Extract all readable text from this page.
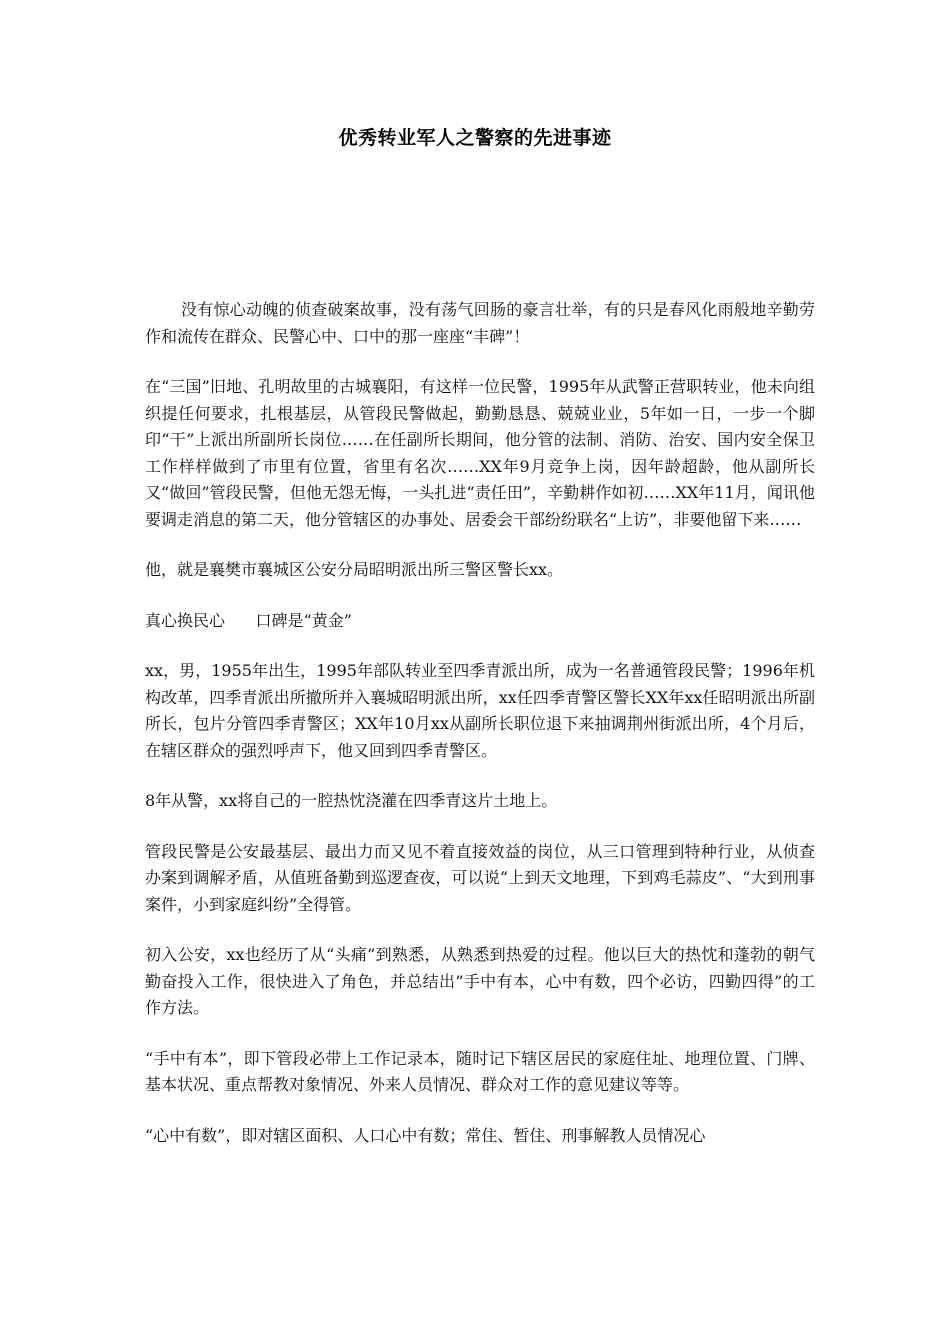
优秀转业军人之警察的先进事迹

没有惊心动魄的侦查破案故事，没有荡气回肠的豪言壮举，有的只是春风化雨般地辛勤劳作和流传在群众、民警心中、口中的那一座座“丰碑”！

在“三国”旧地、孔明故里的古城襄阳，有这样一位民警，1995年从武警正营职转业，他未向组织提任何要求，扎根基层，从管段民警做起，勤勤恳恳、兢兢业业，5年如一日，一步一个脚印“干”上派出所副所长岗位……在任副所长期间，他分管的法制、消防、治安、国内安全保卫工作样样做到了市里有位置，省里有名次……XX年9月竞争上岗，因年龄超龄，他从副所长又“做回”管段民警，但他无怨无悔，一头扎进“责任田”，辛勤耕作如初……XX年11月，闻讯他要调走消息的第二天，他分管辖区的办事处、居委会干部纷纷联名“上访”，非要他留下来……

他，就是襄樊市襄城区公安分局昭明派出所三警区警长xx。

真心换民心 口碑是“黄金”

xx，男，1955年出生，1995年部队转业至四季青派出所，成为一名普通管段民警；1996年机构改革，四季青派出所撤所并入襄城昭明派出所，xx任四季青警区警长XX年xx任昭明派出所副所长，包片分管四季青警区；XX年10月xx从副所长职位退下来抽调荆州街派出所，4个月后，在辖区群众的强烈呼声下，他又回到四季青警区。

8年从警，xx将自己的一腔热忱浇灌在四季青这片土地上。

管段民警是公安最基层、最出力而又见不着直接效益的岗位，从三口管理到特种行业，从侦查办案到调解矛盾，从值班备勤到巡逻查夜，可以说“上到天文地理，下到鸡毛蒜皮”、“大到刑事案件，小到家庭纠纷”全得管。

初入公安，xx也经历了从“头痛”到熟悉，从熟悉到热爱的过程。他以巨大的热忱和蓬勃的朝气勤奋投入工作，很快进入了角色，并总结出”手中有本，心中有数，四个必访，四勤四得”的工作方法。

“手中有本”，即下管段必带上工作记录本，随时记下辖区居民的家庭住址、地理位置、门牌、基本状况、重点帮教对象情况、外来人员情况、群众对工作的意见建议等等。

“心中有数”，即对辖区面积、人口心中有数；常住、暂住、刑事解教人员情况心
